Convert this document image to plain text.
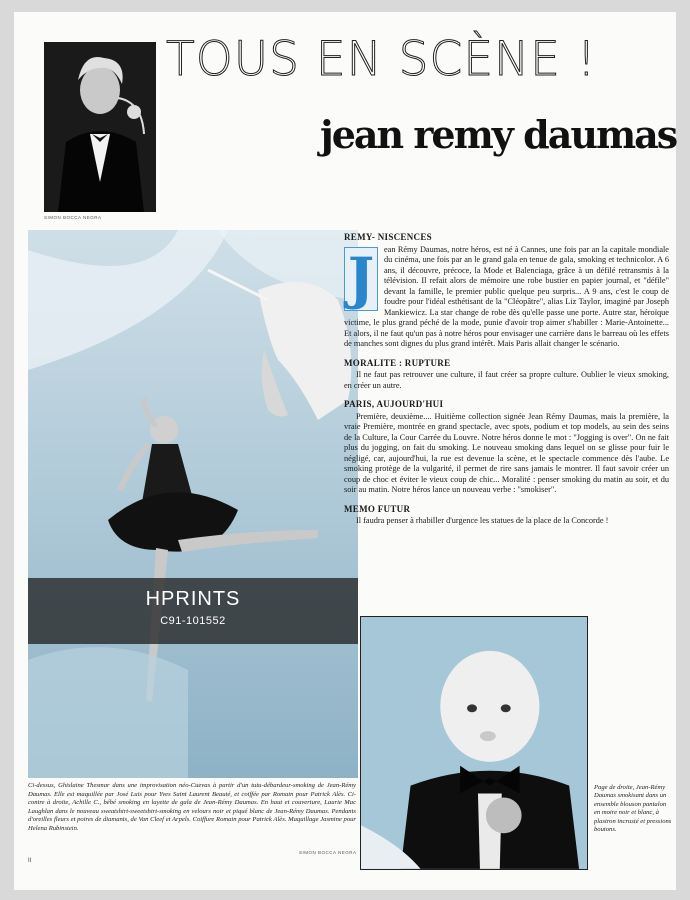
SIMON BOCCA NEGRA
TOUS EN SCÈNE !
jean remy daumas
HPRINTS
C91-101552
REMY- NISCENCES

J	ean Rémy Daumas, notre héros, est né à Cannes, une fois par an la capitale mondiale du cinéma, une fois par an le grand gala en tenue de gala, smoking et technicolor. A 6 ans, il découvre, précoce, la Mode et Balenciaga, grâce à un défilé retransmis à la télévision. Il refait alors de mémoire une robe bustier en papier journal, et "défile" devant la famille, le premier public quelque peu surpris... A 9 ans, c'est le coup de foudre pour l'idéal esthétisant de la "Cléopâtre", alias Liz Taylor, imaginé par Joseph Mankiewicz. La star change de robe dès qu'elle passe une porte. Autre star, héroïque victime, le plus grand péché de la mode, punie d'avoir trop aimer s'habiller : Marie-Antoinette... Et alors, il ne faut qu'un pas à notre héros pour envisager une carrière dans le barreau où les effets de manches sont dignes du plus grand intérêt. Mais Paris allait changer le scénario.

MORALITE : RUPTURE

Il ne faut pas retrouver une culture, il faut créer sa propre culture. Oublier le vieux smoking, en créer un autre.

PARIS, AUJOURD'HUI

Première, deuxième.... Huitième collection signée Jean Rémy Daumas, mais la première, la vraie Première, montrée en grand spectacle, avec spots, podium et top models, au sein des seins de la Culture, la Cour Carrée du Louvre. Notre héros donne le mot : "Jogging is over". On ne fait plus du jogging, on fait du smoking. Le nouveau smoking dans lequel on se glisse pour fuir le négligé, car, aujourd'hui, la rue est devenue la scène, et le spectacle commence dès l'aube. Le smoking protège de la vulgarité, il permet de rire sans jamais le montrer. Il faut savoir créer un coup de choc et éviter le vieux coup de chic... Moralité : penser smoking du matin au soir, et du soir au matin. Notre héros lance un nouveau verbe : "smokiser".

MEMO FUTUR

Il faudra penser à rhabiller d'urgence les statues de la place de la Concorde !

Ci-dessus, Ghislaine Thesmar dans une improvisation néo-Cuevas à partir d'un tutu-débardeur-smoking de Jean-Rémy Daumas. Elle est maquillée par José Luis pour Yves Saint Laurent Beauté, et coiffée par Romain pour Patrick Alès. Ci-contre à droite, Achille C., bébé smoking en layette de gala de Jean-Rémy Daumas. En haut et couverture, Laurie Mac Laughlan dans le nouveau sweatshirt-sweetshirt-smoking en velours noir et piqué blanc de Jean-Rémy Daumas. Pendants d'oreilles fleurs et poires de diamants, de Van Cleef et Arpels. Coiffure Romain pour Patrick Alès. Maquillage Jasmine pour Helena Rubinstein.
Page de droite, Jean-Rémy Daumas smokisant dans un ensemble blouson pantalon en moire noir et blanc, à plastron incrusté et pressions boutons.
SIMON BOCCA NEGRA
II
